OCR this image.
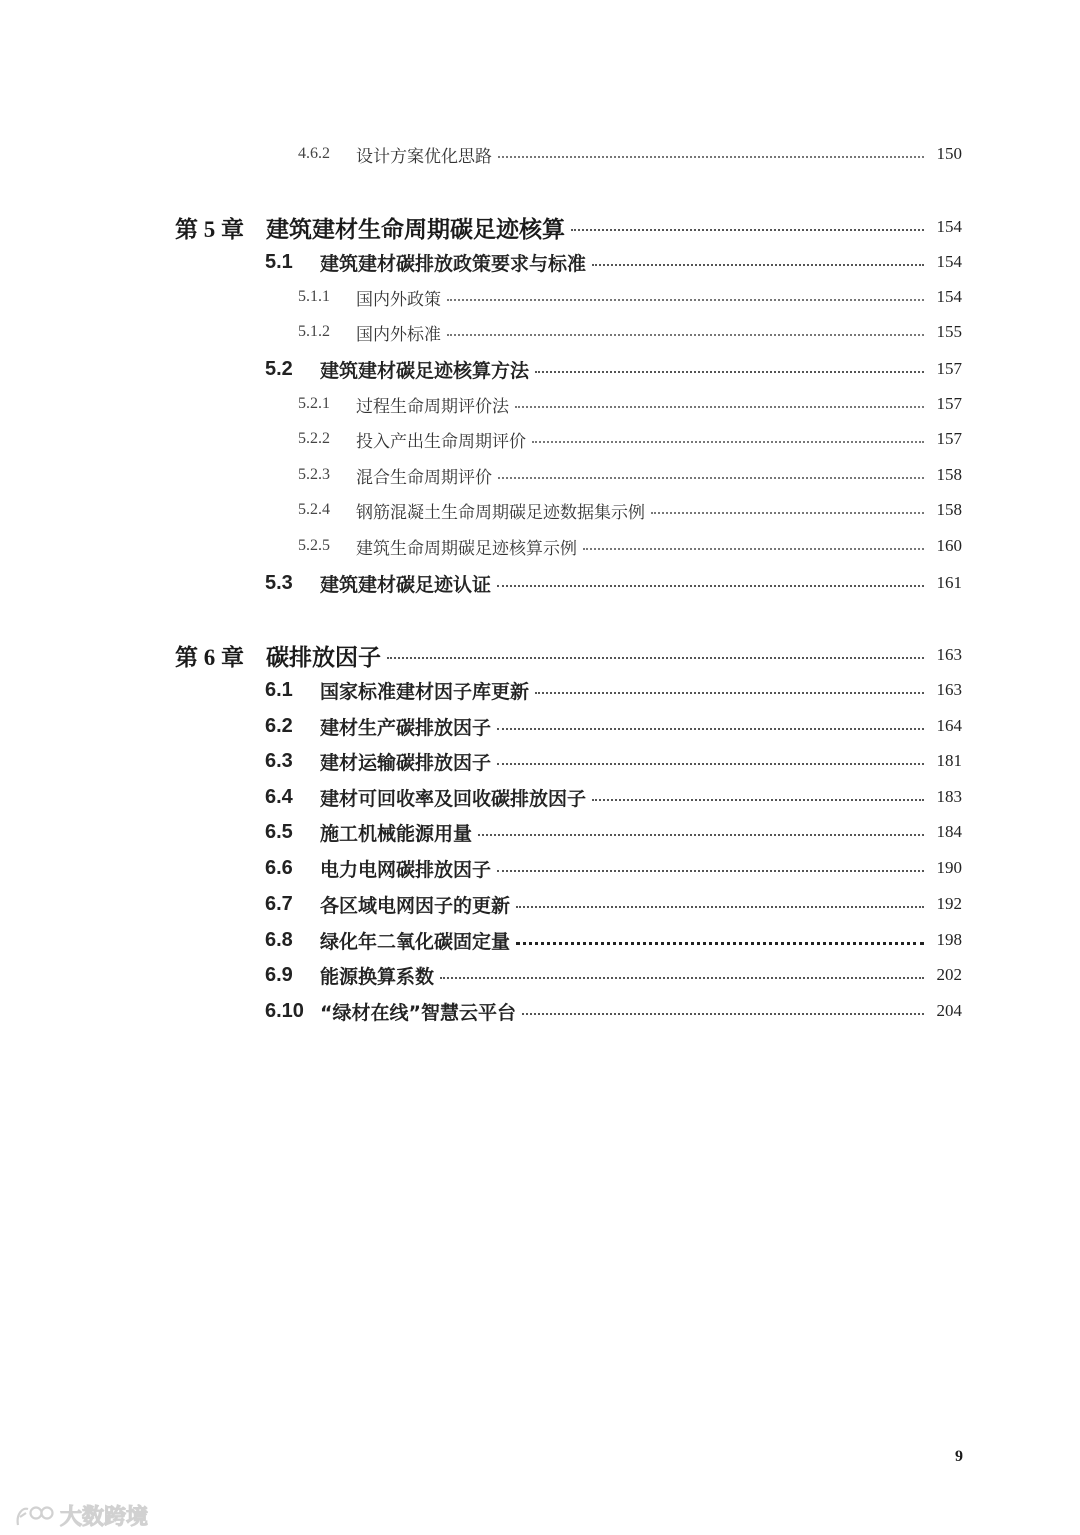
4.6.2 设计方案优化思路	150
第 5 章 建筑建材生命周期碳足迹核算	154
5.1 建筑建材碳排放政策要求与标准	154
5.1.1 国内外政策	154
5.1.2 国内外标准	155
5.2 建筑建材碳足迹核算方法	157
5.2.1 过程生命周期评价法	157
5.2.2 投入产出生命周期评价	157
5.2.3 混合生命周期评价	158
5.2.4 钢筋混凝土生命周期碳足迹数据集示例	158
5.2.5 建筑生命周期碳足迹核算示例	160
5.3 建筑建材碳足迹认证	161
第 6 章 碳排放因子	163
6.1 国家标准建材因子库更新	163
6.2 建材生产碳排放因子	164
6.3 建材运输碳排放因子	181
6.4 建材可回收率及回收碳排放因子	183
6.5 施工机械能源用量	184
6.6 电力电网碳排放因子	190
6.7 各区域电网因子的更新	192
6.8 绿化年二氧化碳固定量	198
6.9 能源换算系数	202
6.10 “绿材在线”智慧云平台	204
9
大数跨境
